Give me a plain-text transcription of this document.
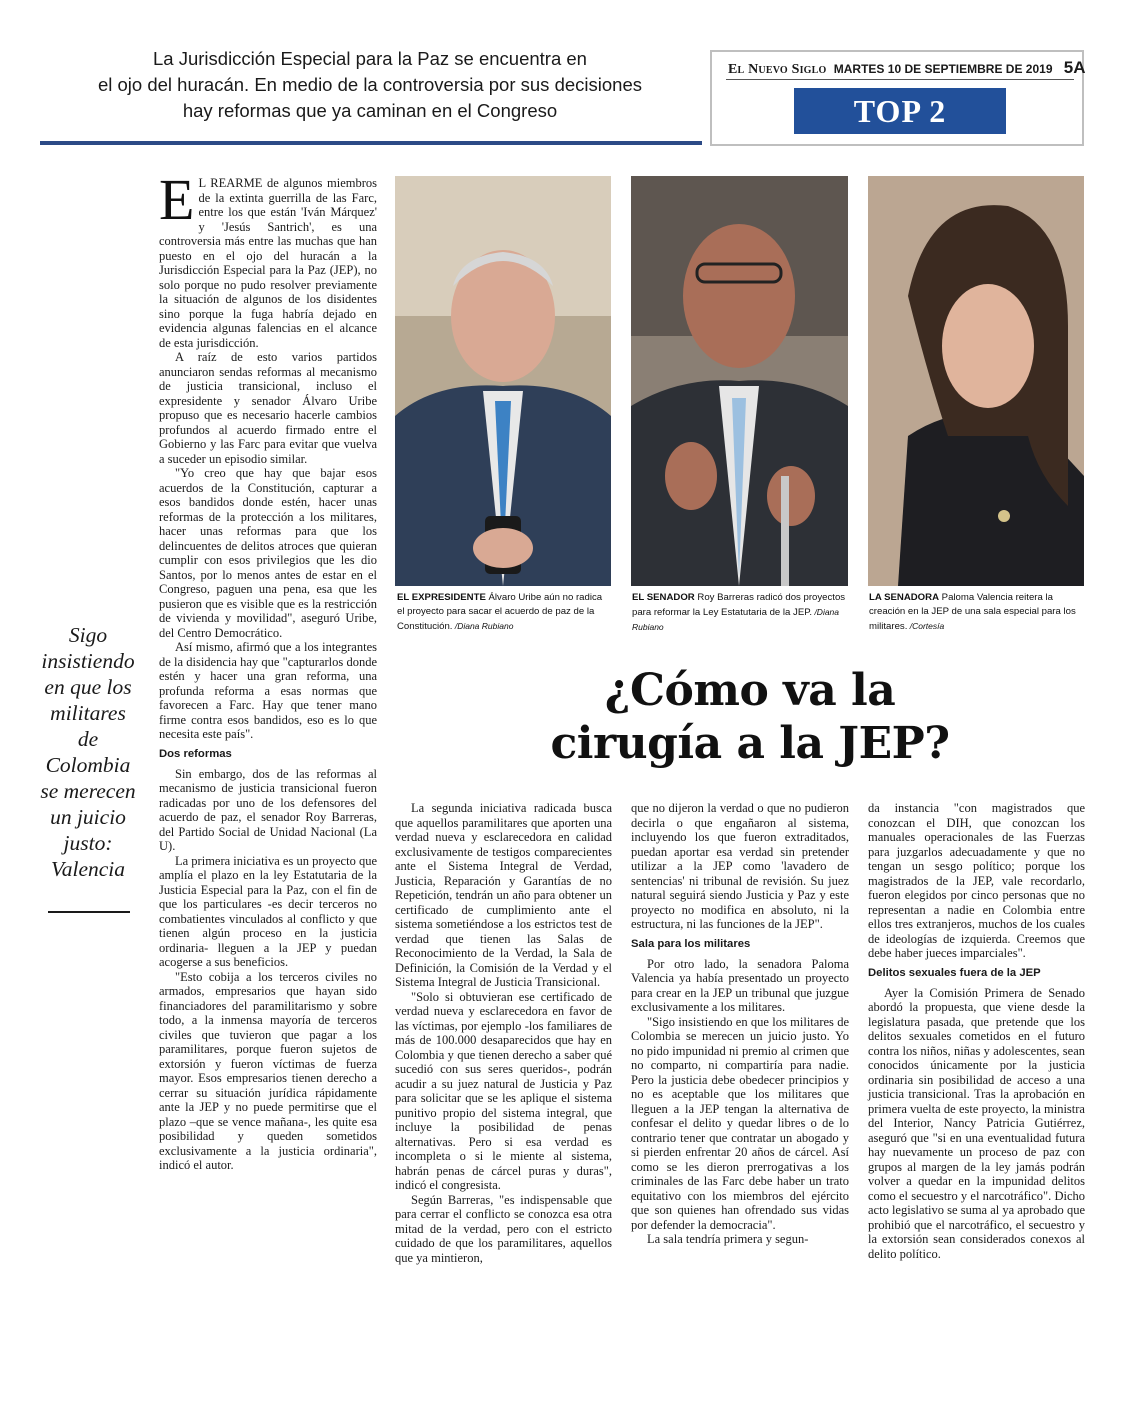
La Jurisdicción Especial para la Paz se encuentra en
el ojo del huracán. En medio de la controversia por sus decisiones
hay reformas que ya caminan en el Congreso
El Nuevo Siglo MARTES 10 DE SEPTIEMBRE DE 2019 5A
TOP 2
EL EXPRESIDENTE Álvaro Uribe aún no radica el proyecto para sacar el acuerdo de paz de la Constitución. /Diana Rubiano
EL SENADOR Roy Barreras radicó dos proyectos para reformar la Ley Estatutaria de la JEP. /Diana Rubiano
LA SENADORA Paloma Valencia reitera la creación en la JEP de una sala especial para los militares. /Cortesía
¿Cómo va la
cirugía a la JEP?
Sigo insistiendo en que los militares de Colombia se merecen un juicio justo: Valencia
E L REARME de algunos miembros de la extinta guerrilla de las Farc, entre los que están 'Iván Márquez' y 'Jesús Santrich', es una controversia más entre las muchas que han puesto en el ojo del huracán a la Jurisdicción Especial para la Paz (JEP), no solo porque no pudo resolver previamente la situación de algunos de los disidentes sino porque la fuga habría dejado en evidencia algunas falencias en el alcance de esta jurisdicción.

A raíz de esto varios partidos anunciaron sendas reformas al mecanismo de justicia transicional, incluso el expresidente y senador Álvaro Uribe propuso que es necesario hacerle cambios profundos al acuerdo firmado entre el Gobierno y las Farc para evitar que vuelva a suceder un episodio similar.

"Yo creo que hay que bajar esos acuerdos de la Constitución, capturar a esos bandidos donde estén, hacer unas reformas de la protección a los militares, hacer unas reformas para que los delincuentes de delitos atroces que quieran cumplir con esos privilegios que les dio Santos, por lo menos antes de estar en el Congreso, paguen una pena, esa que les pusieron que es visible que es la restricción de vivienda y movilidad", aseguró Uribe, del Centro Democrático.

Así mismo, afirmó que a los integrantes de la disidencia hay que "capturarlos donde estén y hacer una gran reforma, una profunda reforma a esas normas que favorecen a Farc. Hay que tener mano firme contra esos bandidos, eso es lo que necesita este país".

Dos reformas

Sin embargo, dos de las reformas al mecanismo de justicia transicional fueron radicadas por uno de los defensores del acuerdo de paz, el senador Roy Barreras, del Partido Social de Unidad Nacional (La U).

La primera iniciativa es un proyecto que amplía el plazo en la ley Estatutaria de la Justicia Especial para la Paz, con el fin de que los particulares -es decir terceros no combatientes vinculados al conflicto y que tienen algún proceso en la justicia ordinaria- lleguen a la JEP y puedan acogerse a sus beneficios.

"Esto cobija a los terceros civiles no armados, empresarios que hayan sido financiadores del paramilitarismo y sobre todo, a la inmensa mayoría de terceros civiles que tuvieron que pagar a los paramilitares, porque fueron sujetos de extorsión y fueron víctimas de fuerza mayor. Esos empresarios tienen derecho a cerrar su situación jurídica rápidamente ante la JEP y no puede permitirse que el plazo –que se vence mañana-, les quite esa posibilidad y queden sometidos exclusivamente a la justicia ordinaria", indicó el autor.

La segunda iniciativa radicada busca que aquellos paramilitares que aporten una verdad nueva y esclarecedora en calidad exclusivamente de testigos comparecientes ante el Sistema Integral de Verdad, Justicia, Reparación y Garantías de no Repetición, tendrán un año para obtener un certificado de cumplimiento ante el sistema sometiéndose a los estrictos test de verdad que tienen las Salas de Reconocimiento de la Verdad, la Sala de Definición, la Comisión de la Verdad y el Sistema Integral de Justicia Transicional.

"Solo si obtuvieran ese certificado de verdad nueva y esclarecedora en favor de las víctimas, por ejemplo -los familiares de más de 100.000 desaparecidos que hay en Colombia y que tienen derecho a saber qué sucedió con sus seres queridos-, podrán acudir a su juez natural de Justicia y Paz para solicitar que se les aplique el sistema punitivo propio del sistema integral, que incluye la posibilidad de penas alternativas. Pero si esa verdad es incompleta o si le miente al sistema, habrán penas de cárcel puras y duras", indicó el congresista.

Según Barreras, "es indispensable que para cerrar el conflicto se conozca esa otra mitad de la verdad, pero con el estricto cuidado de que los paramilitares, aquellos que ya mintieron,

que no dijeron la verdad o que no pudieron decirla o que engañaron al sistema, incluyendo los que fueron extraditados, puedan aportar esa verdad sin pretender utilizar a la JEP como 'lavadero de sentencias' ni tribunal de revisión. Su juez natural seguirá siendo Justicia y Paz y este proyecto no modifica en absoluto, ni la estructura, ni las funciones de la JEP".

Sala para los militares

Por otro lado, la senadora Paloma Valencia ya había presentado un proyecto para crear en la JEP un tribunal que juzgue exclusivamente a los militares.

"Sigo insistiendo en que los militares de Colombia se merecen un juicio justo. Yo no pido impunidad ni premio al crimen que no comparto, ni compartiría para nadie. Pero la justicia debe obedecer principios y no es aceptable que los militares que lleguen a la JEP tengan la alternativa de confesar el delito y quedar libres o de lo contrario tener que contratar un abogado y si pierden enfrentar 20 años de cárcel. Así como se les dieron prerrogativas a los criminales de las Farc debe haber un trato equitativo con los miembros del ejército que son quienes han ofrendado sus vidas por defender la democracia".

La sala tendría primera y segun-

da instancia "con magistrados que conozcan el DIH, que conozcan los manuales operacionales de las Fuerzas para juzgarlos adecuadamente y que no tengan un sesgo político; porque los magistrados de la JEP, vale recordarlo, fueron elegidos por cinco personas que no representan a nadie en Colombia entre ellos tres extranjeros, muchos de los cuales de ideologías de izquierda. Creemos que debe haber jueces imparciales".

Delitos sexuales fuera de la JEP

Ayer la Comisión Primera de Senado abordó la propuesta, que viene desde la legislatura pasada, que pretende que los delitos sexuales cometidos en el futuro contra los niños, niñas y adolescentes, sean conocidos únicamente por la justicia ordinaria sin posibilidad de acceso a una justicia transicional. Tras la aprobación en primera vuelta de este proyecto, la ministra del Interior, Nancy Patricia Gutiérrez, aseguró que "si en una eventualidad futura hay nuevamente un proceso de paz con grupos al margen de la ley jamás podrán volver a quedar en la impunidad delitos como el secuestro y el narcotráfico". Dicho acto legislativo se suma al ya aprobado que prohibió que el narcotráfico, el secuestro y la extorsión sean considerados conexos al delito político.
